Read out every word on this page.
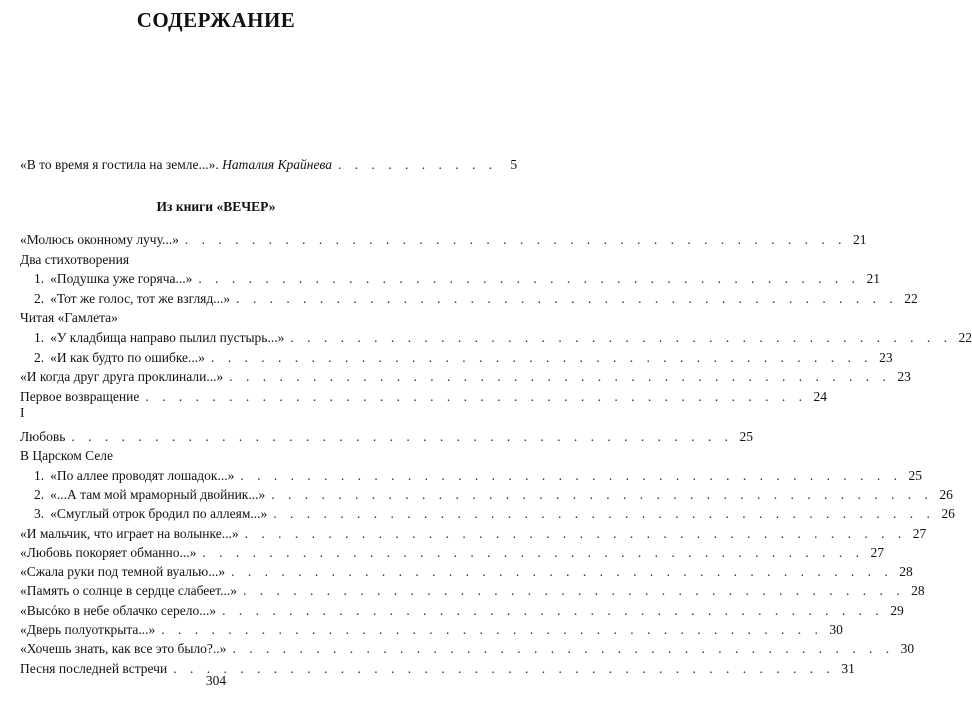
СОДЕРЖАНИЕ
«В то время я гостила на земле...». Наталия Крайнева . . . . . . . . . . 5
Из книги «ВЕЧЕР»
«Молюсь оконному лучу...» . . . . . . . . . . . . . . . . . . . . . . . . . . . . . . . . . . . . . . . . 21
Два стихотворения
1. «Подушка уже горяча...» . . . . . . . . . . . . . . . . . . . . . . . . . . . . . . . . . . . . . . . . 21
2. «Тот же голос, тот же взгляд...» . . . . . . . . . . . . . . . . . . . . . . . . . . . . . . . . . . . . . . . . 22
Читая «Гамлета»
1. «У кладбища направо пылил пустырь...» . . . . . . . . . . . . . . . . . . . . . . . . . . . . . . . . . . . . . . . . 22
2. «И как будто по ошибке...» . . . . . . . . . . . . . . . . . . . . . . . . . . . . . . . . . . . . . . . . 23
«И когда друг друга проклинали...» . . . . . . . . . . . . . . . . . . . . . . . . . . . . . . . . . . . . . . . . 23
Первое возвращение . . . . . . . . . . . . . . . . . . . . . . . . . . . . . . . . . . . . . . . . 24
I
Любовь . . . . . . . . . . . . . . . . . . . . . . . . . . . . . . . . . . . . . . . . 25
В Царском Селе
1. «По аллее проводят лошадок...» . . . . . . . . . . . . . . . . . . . . . . . . . . . . . . . . . . . . . . . . 25
2. «...А там мой мраморный двойник...» . . . . . . . . . . . . . . . . . . . . . . . . . . . . . . . . . . . . . . . . 26
3. «Смуглый отрок бродил по аллеям...» . . . . . . . . . . . . . . . . . . . . . . . . . . . . . . . . . . . . . . . . 26
«И мальчик, что играет на волынке...» . . . . . . . . . . . . . . . . . . . . . . . . . . . . . . . . . . . . . . . . 27
«Любовь покоряет обманно...» . . . . . . . . . . . . . . . . . . . . . . . . . . . . . . . . . . . . . . . . 27
«Сжала руки под темной вуалью...» . . . . . . . . . . . . . . . . . . . . . . . . . . . . . . . . . . . . . . . . 28
«Память о солнце в сердце слабеет...» . . . . . . . . . . . . . . . . . . . . . . . . . . . . . . . . . . . . . . . . 28
«Высóко в небе облачко серело...» . . . . . . . . . . . . . . . . . . . . . . . . . . . . . . . . . . . . . . . . 29
«Дверь полуоткрыта...» . . . . . . . . . . . . . . . . . . . . . . . . . . . . . . . . . . . . . . . . 30
«Хочешь знать, как все это было?..» . . . . . . . . . . . . . . . . . . . . . . . . . . . . . . . . . . . . . . . . 30
Песня последней встречи . . . . . . . . . . . . . . . . . . . . . . . . . . . . . . . . . . . . . . . . 31
304
